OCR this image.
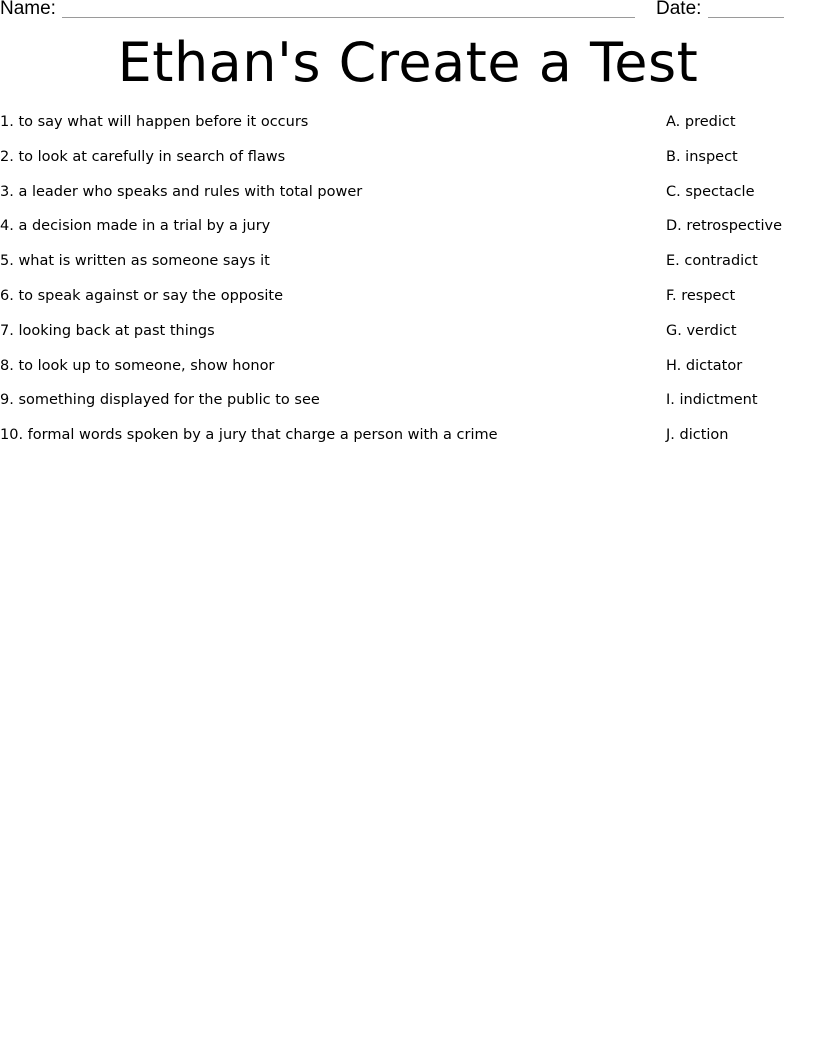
Name:	Date:
Ethan's Create a Test
1. to say what will happen before it occurs	A. predict
2. to look at carefully in search of flaws	B. inspect
3. a leader who speaks and rules with total power	C. spectacle
4. a decision made in a trial by a jury	D. retrospective
5. what is written as someone says it	E. contradict
6. to speak against or say the opposite	F. respect
7. looking back at past things	G. verdict
8. to look up to someone, show honor	H. dictator
9. something displayed for the public to see	I. indictment
10. formal words spoken by a jury that charge a person with a crime	J. diction
